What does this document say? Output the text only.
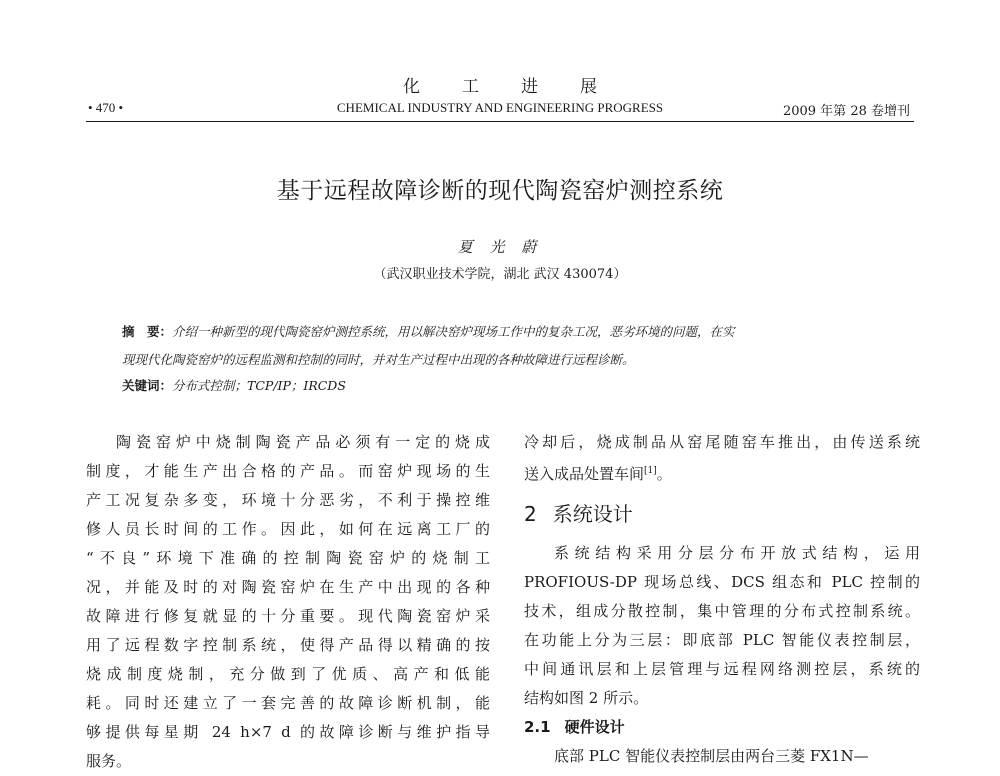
化工进展
• 470 •	CHEMICAL INDUSTRY AND ENGINEERING PROGRESS	2009 年第 28 卷增刊
基于远程故障诊断的现代陶瓷窑炉测控系统
夏 光 蔚
（武汉职业技术学院，湖北 武汉 430074）
摘　要：介绍一种新型的现代陶瓷窑炉测控系统，用以解决窑炉现场工作中的复杂工况，恶劣环境的问题，在实
现现代化陶瓷窑炉的远程监测和控制的同时，并对生产过程中出现的各种故障进行远程诊断。
关键词：分布式控制；TCP/IP；IRCDS
陶瓷窑炉中烧制陶瓷产品必须有一定的烧成
制度，才能生产出合格的产品。而窑炉现场的生
产工况复杂多变，环境十分恶劣，不利于操控维
修人员长时间的工作。因此，如何在远离工厂的
“不良”环境下准确的控制陶瓷窑炉的烧制工
况，并能及时的对陶瓷窑炉在生产中出现的各种
故障进行修复就显的十分重要。现代陶瓷窑炉采
用了远程数字控制系统，使得产品得以精确的按
烧成制度烧制，充分做到了优质、高产和低能
耗。同时还建立了一套完善的故障诊断机制，能
够提供每星期 24 h×7 d 的故障诊断与维护指导
服务。
冷却后，烧成制品从窑尾随窑车推出，由传送系统
送入成品处置车间[1]。
2 系统设计
系统结构采用分层分布开放式结构，运用
PROFIOUS-DP 现场总线、DCS 组态和 PLC 控制的
技术，组成分散控制，集中管理的分布式控制系统。
在功能上分为三层：即底部 PLC 智能仪表控制层，
中间通讯层和上层管理与远程网络测控层，系统的
结构如图 2 所示。
2.1 硬件设计
底部 PLC 智能仪表控制层由两台三菱 FX1N—
